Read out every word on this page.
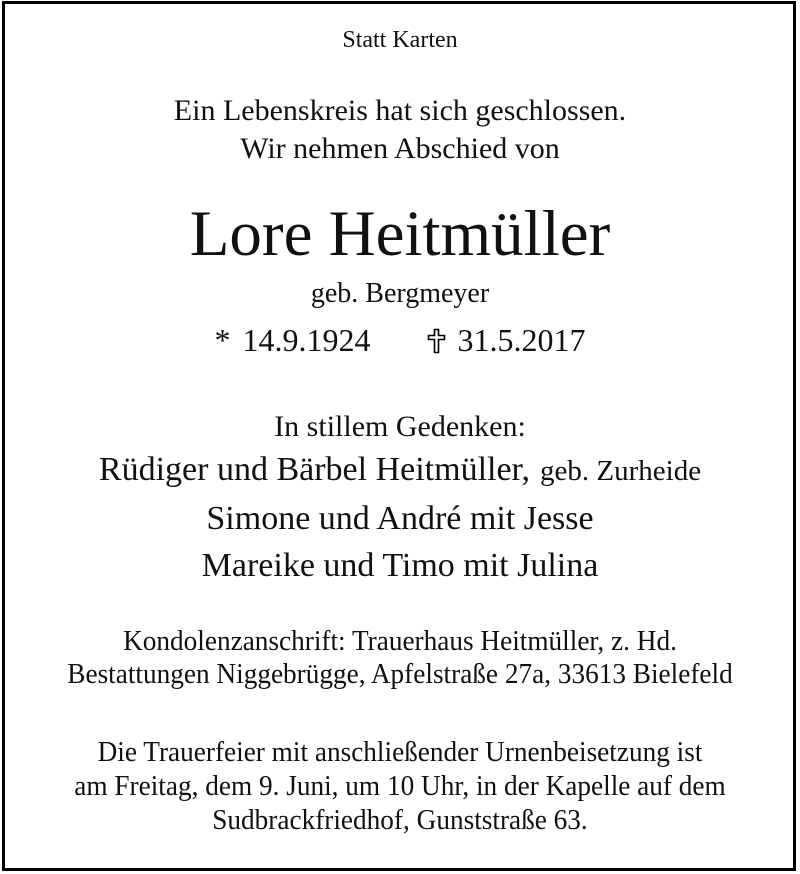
Statt Karten
Ein Lebenskreis hat sich geschlossen.
Wir nehmen Abschied von
Lore Heitmüller
geb. Bergmeyer
* 14.9.1924	31.5.2017
In stillem Gedenken:
Rüdiger und Bärbel Heitmüller, geb. Zurheide
Simone und André mit Jesse
Mareike und Timo mit Julina
Kondolenzanschrift: Trauerhaus Heitmüller, z. Hd.
Bestattungen Niggebrügge, Apfelstraße 27a, 33613 Bielefeld
Die Trauerfeier mit anschließender Urnenbeisetzung ist
am Freitag, dem 9. Juni, um 10 Uhr, in der Kapelle auf dem
Sudbrackfriedhof, Gunststraße 63.
